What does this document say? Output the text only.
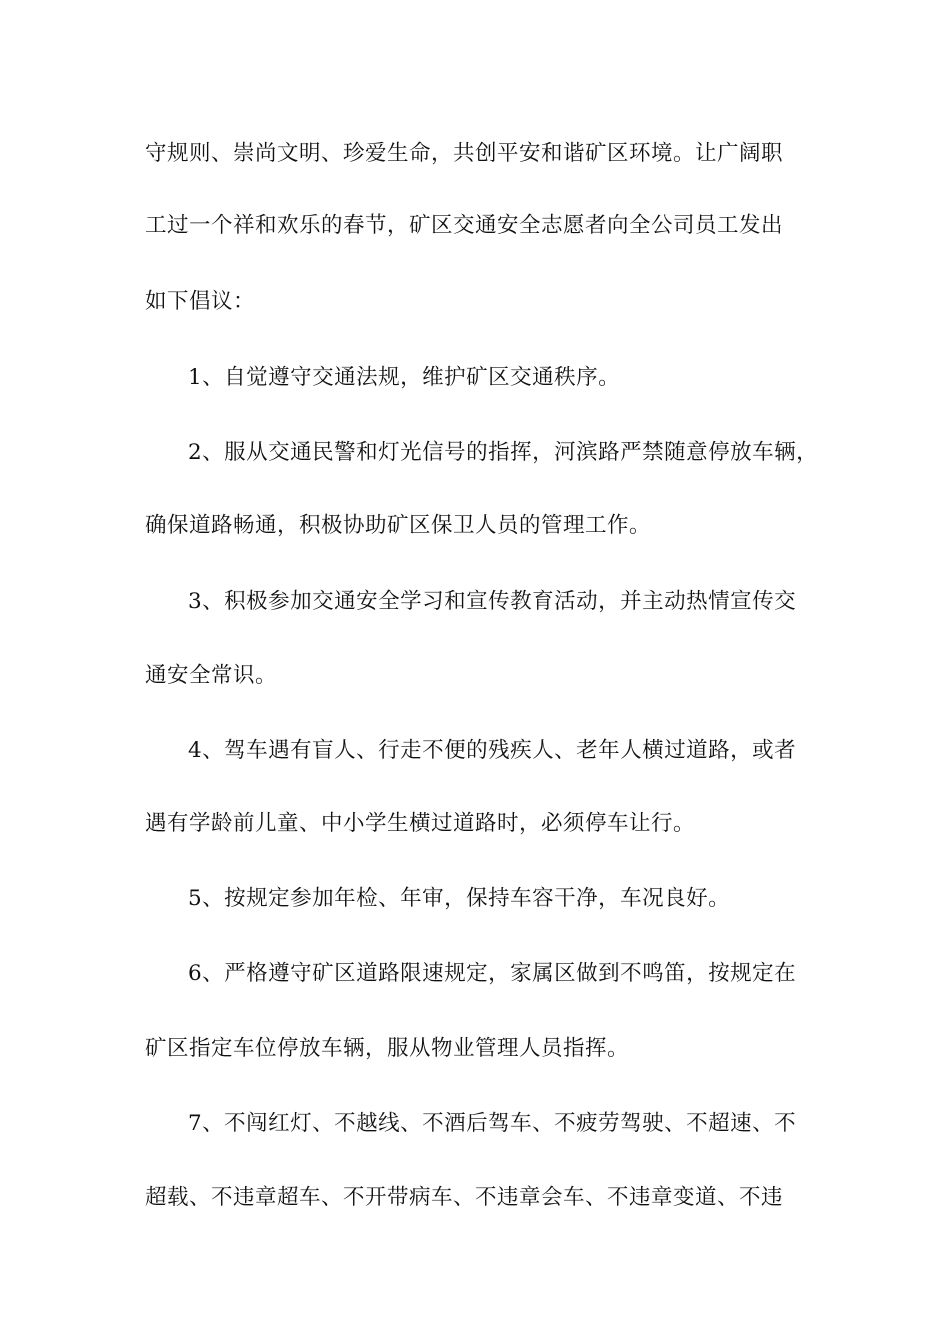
守规则、崇尚文明、珍爱生命，共创平安和谐矿区环境。让广阔职
工过一个祥和欢乐的春节，矿区交通安全志愿者向全公司员工发出
如下倡议：
1、自觉遵守交通法规，维护矿区交通秩序。
2、服从交通民警和灯光信号的指挥，河滨路严禁随意停放车辆，
确保道路畅通，积极协助矿区保卫人员的管理工作。
3、积极参加交通安全学习和宣传教育活动，并主动热情宣传交
通安全常识。
4、驾车遇有盲人、行走不便的残疾人、老年人横过道路，或者
遇有学龄前儿童、中小学生横过道路时，必须停车让行。
5、按规定参加年检、年审，保持车容干净，车况良好。
6、严格遵守矿区道路限速规定，家属区做到不鸣笛，按规定在
矿区指定车位停放车辆，服从物业管理人员指挥。
7、不闯红灯、不越线、不酒后驾车、不疲劳驾驶、不超速、不
超载、不违章超车、不开带病车、不违章会车、不违章变道、不违
